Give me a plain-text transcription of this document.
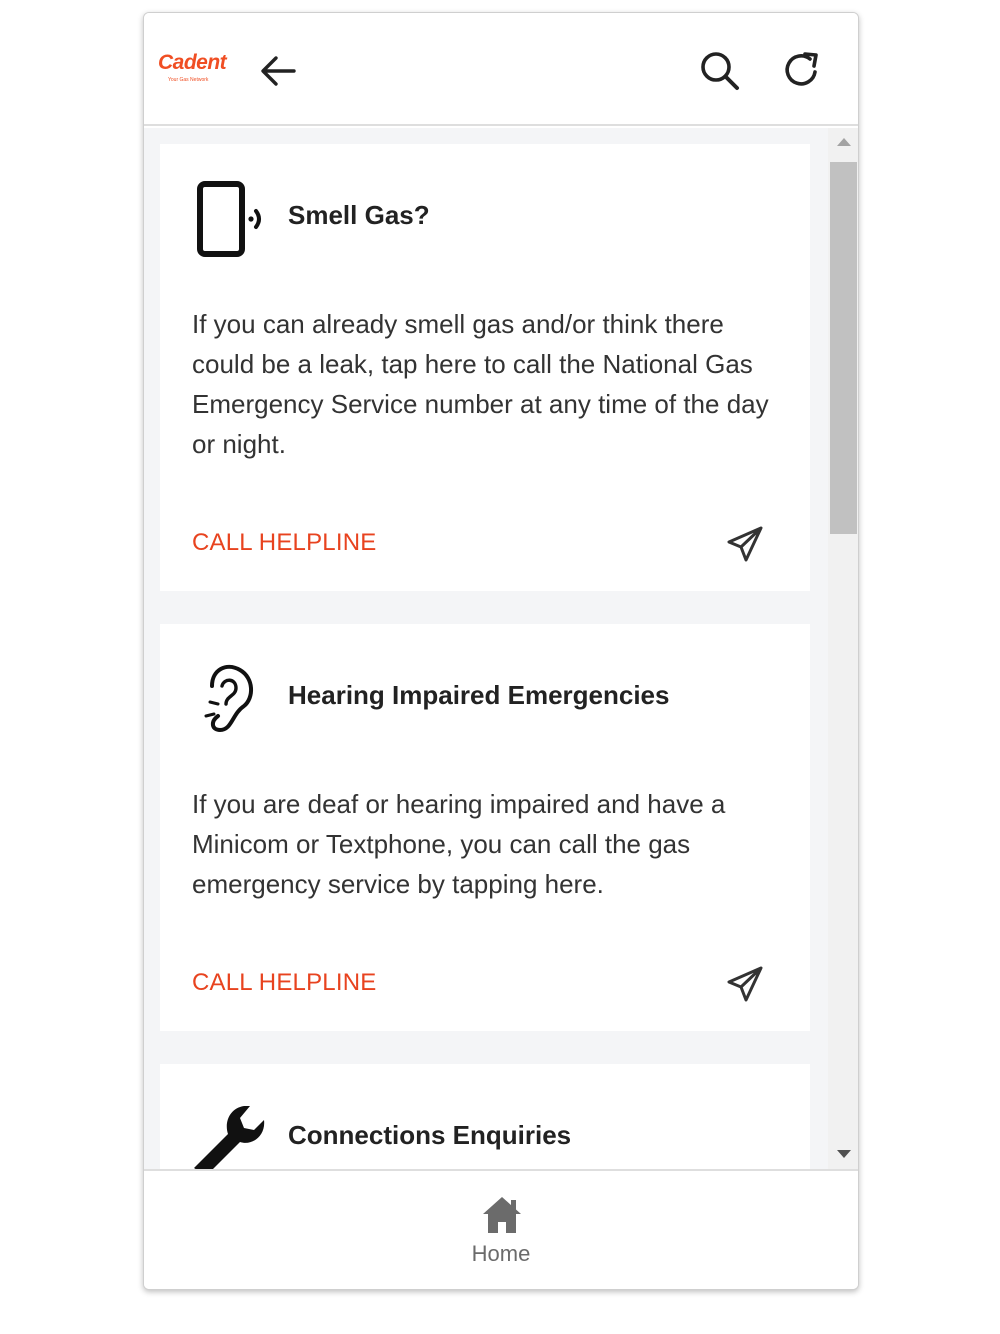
Cadent
Your Gas Network
Smell Gas?
If you can already smell gas and/or think there could be a leak, tap here to call the National Gas Emergency Service number at any time of the day or night.
CALL HELPLINE
Hearing Impaired Emergencies
If you are deaf or hearing impaired and have a Minicom or Textphone, you can call the gas emergency service by tapping here.
CALL HELPLINE
Connections Enquiries
Home
